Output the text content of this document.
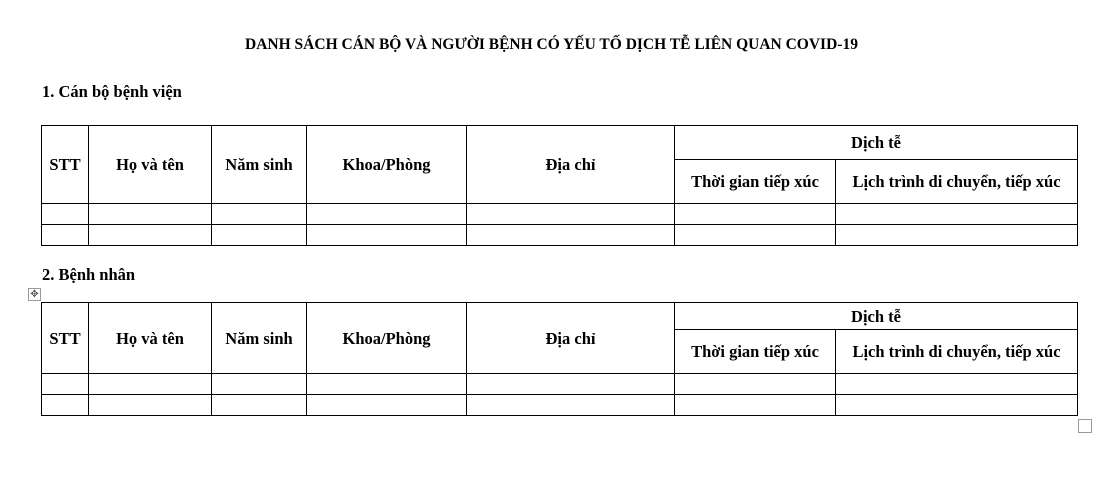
DANH SÁCH CÁN BỘ VÀ NGƯỜI BỆNH CÓ YẾU TỐ DỊCH TỄ LIÊN QUAN COVID-19
1. Cán bộ bệnh viện
STT	Họ và tên	Năm sinh	Khoa/Phòng	Địa chỉ	Dịch tễ	
					Thời gian tiếp xúc	Lịch trình di chuyển, tiếp xúc

2. Bệnh nhân
✥
STT	Họ và tên	Năm sinh	Khoa/Phòng	Địa chỉ	Dịch tễ	
					Thời gian tiếp xúc	Lịch trình di chuyển, tiếp xúc
